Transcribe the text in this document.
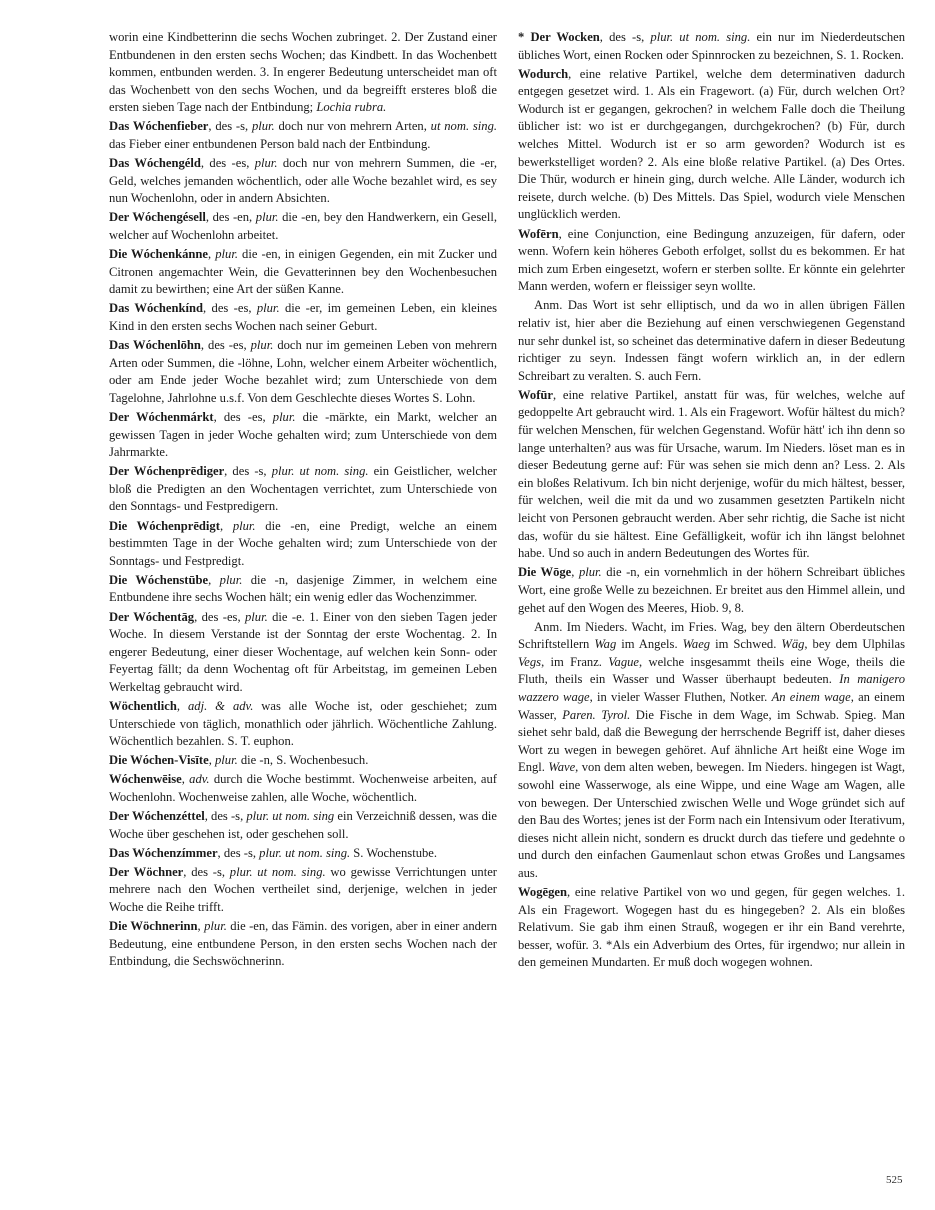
worin eine Kindbetterinn die sechs Wochen zubringet. 2. Der Zustand einer Entbundenen in den ersten sechs Wochen; das Kindbett. In das Wochenbett kommen, entbunden werden. 3. In engerer Bedeutung unterscheidet man oft das Wochenbett von den sechs Wochen, und da begreifft ersteres bloß die ersten sieben Tage nach der Entbindung; Lochia rubra.

Das Wóchenfieber, des -s, plur. doch nur von mehrern Arten, ut nom. sing. das Fieber einer entbundenen Person bald nach der Entbindung.

Das Wóchengéld, des -es, plur. doch nur von mehrern Summen, die -er, Geld, welches jemanden wöchentlich, oder alle Woche bezahlet wird, es sey nun Wochenlohn, oder in andern Absichten.

Der Wóchengésell, des -en, plur. die -en, bey den Handwerkern, ein Gesell, welcher auf Wochenlohn arbeitet.

Die Wóchenkánne, plur. die -en, in einigen Gegenden, ein mit Zucker und Citronen angemachter Wein, die Gevatterinnen bey den Wochenbesuchen damit zu bewirthen; eine Art der süßen Kanne.

Das Wóchenkínd, des -es, plur. die -er, im gemeinen Leben, ein kleines Kind in den ersten sechs Wochen nach seiner Geburt.

Das Wóchenlōhn, des -es, plur. doch nur im gemeinen Leben von mehrern Arten oder Summen, die -löhne, Lohn, welcher einem Arbeiter wöchentlich, oder am Ende jeder Woche bezahlet wird; zum Unterschiede von dem Tagelohne, Jahrlohne u.s.f. Von dem Geschlechte dieses Wortes S. Lohn.

Der Wóchenmárkt, des -es, plur. die -märkte, ein Markt, welcher an gewissen Tagen in jeder Woche gehalten wird; zum Unterschiede von dem Jahrmarkte.

Der Wóchenprēdiger, des -s, plur. ut nom. sing. ein Geistlicher, welcher bloß die Predigten an den Wochentagen verrichtet, zum Unterschiede von den Sonntags- und Festpredigern.

Die Wóchenprēdigt, plur. die -en, eine Predigt, welche an einem bestimmten Tage in der Woche gehalten wird; zum Unterschiede von der Sonntags- und Festpredigt.

Die Wóchenstūbe, plur. die -n, dasjenige Zimmer, in welchem eine Entbundene ihre sechs Wochen hält; ein wenig edler das Wochenzimmer.

Der Wóchentāg, des -es, plur. die -e. 1. Einer von den sieben Tagen jeder Woche. In diesem Verstande ist der Sonntag der erste Wochentag. 2. In engerer Bedeutung, einer dieser Wochentage, auf welchen kein Sonn- oder Feyertag fällt; da denn Wochentag oft für Arbeitstag, im gemeinen Leben Werkeltag gebraucht wird.

Wöchentlich, adj. & adv. was alle Woche ist, oder geschiehet; zum Unterschiede von täglich, monathlich oder jährlich. Wöchentliche Zahlung. Wöchentlich bezahlen. S. T. euphon.

Die Wóchen-Visīte, plur. die -n, S. Wochenbesuch.

Wóchenwēise, adv. durch die Woche bestimmt. Wochenweise arbeiten, auf Wochenlohn. Wochenweise zahlen, alle Woche, wöchentlich.

Der Wóchenzéttel, des -s, plur. ut nom. sing ein Verzeichniß dessen, was die Woche über geschehen ist, oder geschehen soll.

Das Wóchenzímmer, des -s, plur. ut nom. sing. S. Wochenstube.

Der Wöchner, des -s, plur. ut nom. sing. wo gewisse Verrichtungen unter mehrere nach den Wochen vertheilet sind, derjenige, welchen in jeder Woche die Reihe trifft.

Die Wöchnerinn, plur. die -en, das Fämin. des vorigen, aber in einer andern Bedeutung, eine entbundene Person, in den ersten sechs Wochen nach der Entbindung, die Sechswöchnerinn.

* Der Wocken, des -s, plur. ut nom. sing. ein nur im Niederdeutschen übliches Wort, einen Rocken oder Spinnrocken zu bezeichnen, S. 1. Rocken.

Wodurch, eine relative Partikel, welche dem determinativen dadurch entgegen gesetzet wird. 1. Als ein Fragewort. (a) Für, durch welchen Ort? Wodurch ist er gegangen, gekrochen? in welchem Falle doch die Theilung üblicher ist: wo ist er durchgegangen, durchgekrochen? (b) Für, durch welches Mittel. Wodurch ist er so arm geworden? Wodurch ist es bewerkstelliget worden? 2. Als eine bloße relative Partikel. (a) Des Ortes. Die Thür, wodurch er hinein ging, durch welche. Alle Länder, wodurch ich reisete, durch welche. (b) Des Mittels. Das Spiel, wodurch viele Menschen unglücklich werden.

Wofērn, eine Conjunction, eine Bedingung anzuzeigen, für dafern, oder wenn. Wofern kein höheres Geboth erfolget, sollst du es bekommen. Er hat mich zum Erben eingesetzt, wofern er sterben sollte. Er könnte ein gelehrter Mann werden, wofern er fleissiger seyn wollte.

Anm. Das Wort ist sehr elliptisch, und da wo in allen übrigen Fällen relativ ist, hier aber die Beziehung auf einen verschwiegenen Gegenstand nur sehr dunkel ist, so scheinet das determinative dafern in dieser Bedeutung richtiger zu seyn. Indessen fängt wofern wirklich an, in der edlern Schreibart zu veralten. S. auch Fern.

Wofūr, eine relative Partikel, anstatt für was, für welches, welche auf gedoppelte Art gebraucht wird. 1. Als ein Fragewort. Wofür hältest du mich? für welchen Menschen, für welchen Gegenstand. Wofür hätt' ich ihn denn so lange unterhalten? aus was für Ursache, warum. Im Nieders. löset man es in dieser Bedeutung gerne auf: Für was sehen sie mich denn an? Less. 2. Als ein bloßes Relativum. Ich bin nicht derjenige, wofür du mich hältest, besser, für welchen, weil die mit da und wo zusammen gesetzten Partikeln nicht leicht von Personen gebraucht werden. Aber sehr richtig, die Sache ist nicht das, wofür du sie hältest. Eine Gefälligkeit, wofür ich ihn längst belohnet habe. Und so auch in andern Bedeutungen des Wortes für.

Die Wōge, plur. die -n, ein vornehmlich in der höhern Schreibart übliches Wort, eine große Welle zu bezeichnen. Er breitet aus den Himmel allein, und gehet auf den Wogen des Meeres, Hiob. 9, 8.

Anm. Im Nieders. Wacht, im Fries. Wag, bey den ältern Oberdeutschen Schriftstellern Wag im Angels. Waeg im Schwed. Wäg, bey dem Ulphilas Vegs, im Franz. Vague, welche insgesammt theils eine Woge, theils die Fluth, theils ein Wasser und Wasser überhaupt bedeuten. In manigero wazzero wage, in vieler Wasser Fluthen, Notker. An einem wage, an einem Wasser, Paren. Tyrol. Die Fische in dem Wage, im Schwab. Spieg. Man siehet sehr bald, daß die Bewegung der herrschende Begriff ist, daher dieses Wort zu wegen in bewegen gehöret. Auf ähnliche Art heißt eine Woge im Engl. Wave, von dem alten weben, bewegen. Im Nieders. hingegen ist Wagt, sowohl eine Wasserwoge, als eine Wippe, und eine Wage am Wagen, alle von bewegen. Der Unterschied zwischen Welle und Woge gründet sich auf den Bau des Wortes; jenes ist der Form nach ein Intensivum oder Iterativum, dieses nicht allein nicht, sondern es druckt durch das tiefere und gedehnte o und durch den einfachen Gaumenlaut schon etwas Großes und Langsames aus.

Wogēgen, eine relative Partikel von wo und gegen, für gegen welches. 1. Als ein Fragewort. Wogegen hast du es hingegeben? 2. Als ein bloßes Relativum. Sie gab ihm einen Strauß, wogegen er ihr ein Band verehrte, besser, wofür. 3. *Als ein Adverbium des Ortes, für irgendwo; nur allein in den gemeinen Mundarten. Er muß doch wogegen wohnen.

525
